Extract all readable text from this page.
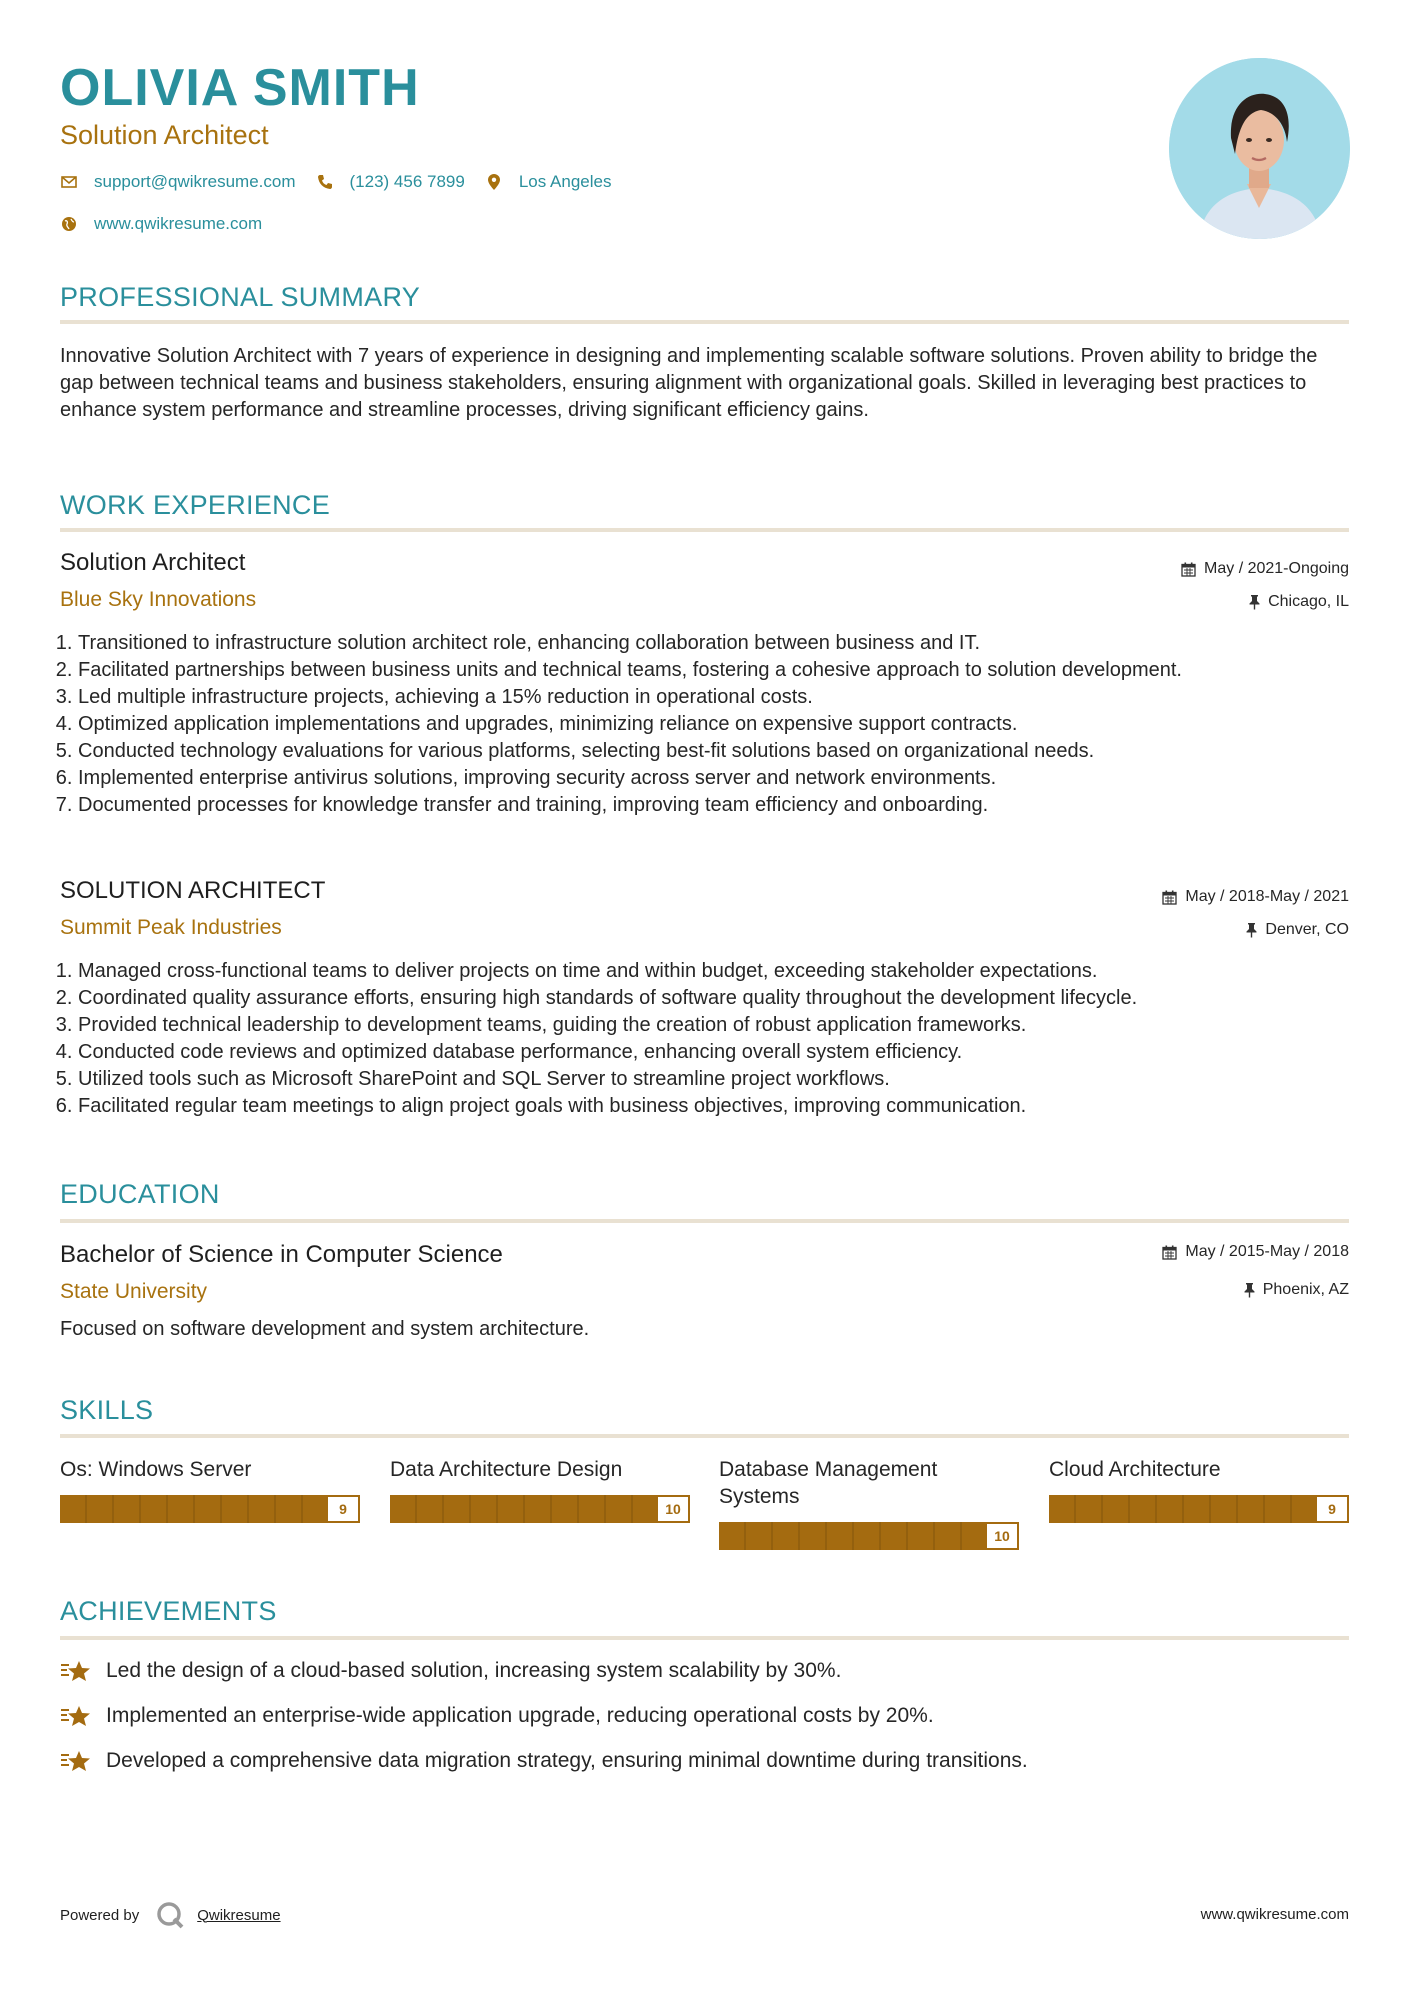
OLIVIA SMITH
Solution Architect
support@qwikresume.com	(123) 456 7899	Los Angeles
www.qwikresume.com
PROFESSIONAL SUMMARY
Innovative Solution Architect with 7 years of experience in designing and implementing scalable software solutions. Proven ability to bridge the gap between technical teams and business stakeholders, ensuring alignment with organizational goals. Skilled in leveraging best practices to enhance system performance and streamline processes, driving significant efficiency gains.
WORK EXPERIENCE
Solution Architect
Blue Sky Innovations
May / 2021-Ongoing
Chicago, IL
1. Transitioned to infrastructure solution architect role, enhancing collaboration between business and IT.
2. Facilitated partnerships between business units and technical teams, fostering a cohesive approach to solution development.
3. Led multiple infrastructure projects, achieving a 15% reduction in operational costs.
4. Optimized application implementations and upgrades, minimizing reliance on expensive support contracts.
5. Conducted technology evaluations for various platforms, selecting best-fit solutions based on organizational needs.
6. Implemented enterprise antivirus solutions, improving security across server and network environments.
7. Documented processes for knowledge transfer and training, improving team efficiency and onboarding.
SOLUTION ARCHITECT
Summit Peak Industries
May / 2018-May / 2021
Denver, CO
1. Managed cross-functional teams to deliver projects on time and within budget, exceeding stakeholder expectations.
2. Coordinated quality assurance efforts, ensuring high standards of software quality throughout the development lifecycle.
3. Provided technical leadership to development teams, guiding the creation of robust application frameworks.
4. Conducted code reviews and optimized database performance, enhancing overall system efficiency.
5. Utilized tools such as Microsoft SharePoint and SQL Server to streamline project workflows.
6. Facilitated regular team meetings to align project goals with business objectives, improving communication.
EDUCATION
Bachelor of Science in Computer Science
State University
May / 2015-May / 2018
Phoenix, AZ
Focused on software development and system architecture.
SKILLS
Os: Windows Server
9
Data Architecture Design
10
Database Management Systems
10
Cloud Architecture
9
ACHIEVEMENTS
Led the design of a cloud-based solution, increasing system scalability by 30%.
Implemented an enterprise-wide application upgrade, reducing operational costs by 20%.
Developed a comprehensive data migration strategy, ensuring minimal downtime during transitions.
Powered by	Qwikresume	www.qwikresume.com
